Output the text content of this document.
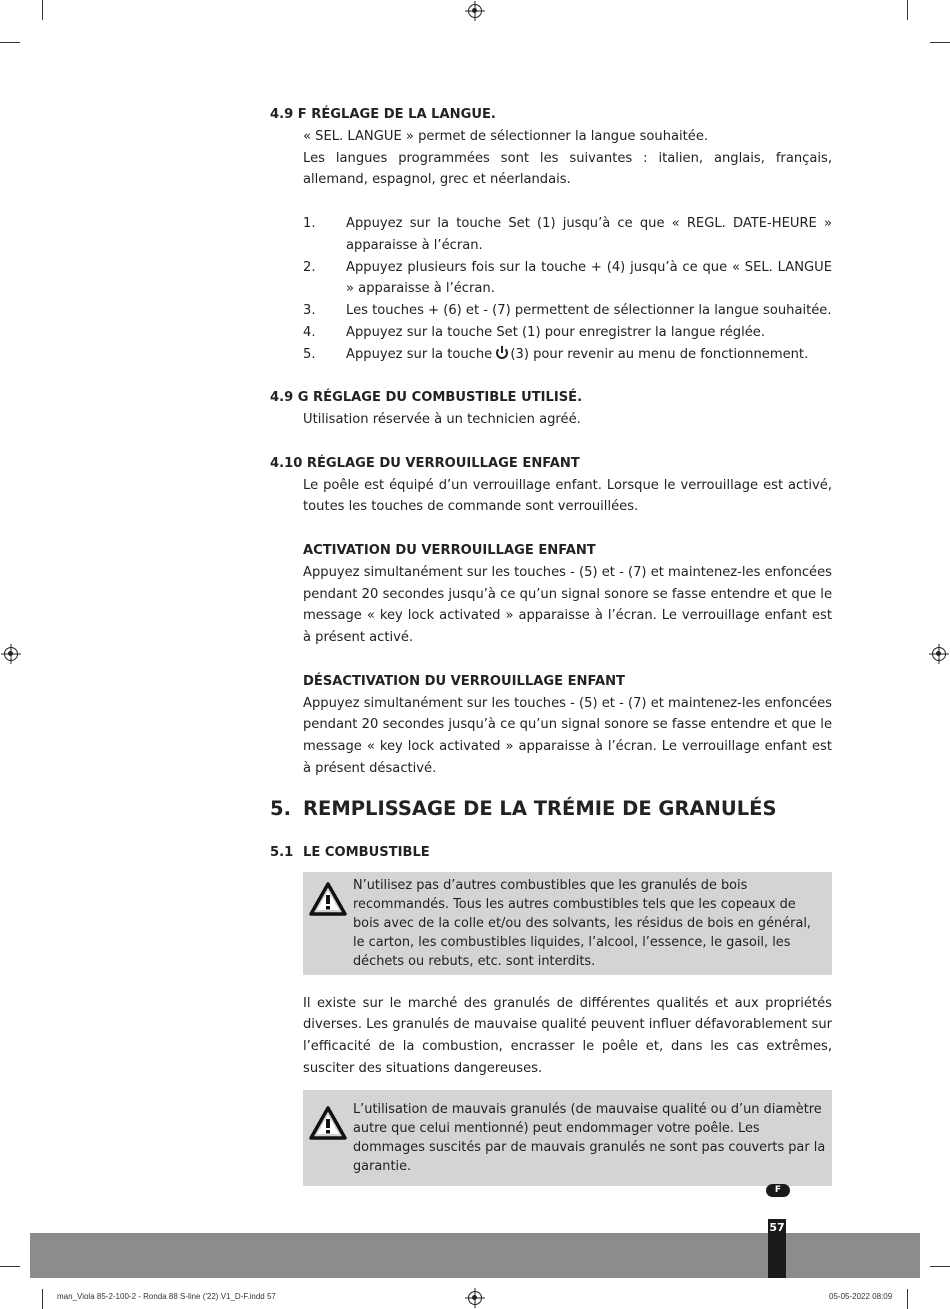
4.9 F RÉGLAGE DE LA LANGUE.

« SEL. LANGUE » permet de sélectionner la langue souhaitée.

Les langues programmées sont les suivantes : italien, anglais, français, allemand, espagnol, grec et néerlandais.

1.	Appuyez sur la touche Set (1) jusqu’à ce que « REGL. DATE-HEURE » apparaisse à l’écran.
2.	Appuyez plusieurs fois sur la touche + (4) jusqu’à ce que « SEL. LANGUE » apparaisse à l’écran.
3.	Les touches + (6) et - (7) permettent de sélectionner la langue souhaitée.
4.	Appuyez sur la touche Set (1) pour enregistrer la langue réglée.
5.	Appuyez sur la touche (3) pour revenir au menu de fonctionnement.

4.9 G RÉGLAGE DU COMBUSTIBLE UTILISÉ.

Utilisation réservée à un technicien agréé.

4.10 RÉGLAGE DU VERROUILLAGE ENFANT

Le poêle est équipé d’un verrouillage enfant. Lorsque le verrouillage est activé, toutes les touches de commande sont verrouillées.

ACTIVATION DU VERROUILLAGE ENFANT

Appuyez simultanément sur les touches - (5) et - (7) et maintenez-les enfoncées pendant 20 secondes jusqu’à ce qu’un signal sonore se fasse entendre et que le message « key lock activated » apparaisse à l’écran. Le verrouillage enfant est à présent activé.

DÉSACTIVATION DU VERROUILLAGE ENFANT

Appuyez simultanément sur les touches - (5) et - (7) et maintenez-les enfoncées pendant 20 secondes jusqu’à ce qu’un signal sonore se fasse entendre et que le message « key lock activated » apparaisse à l’écran. Le verrouillage enfant est à présent désactivé.

5. REMPLISSAGE DE LA TRÉMIE DE GRANULÉS
5.1 LE COMBUSTIBLE
N’utilisez pas d’autres combustibles que les granulés de bois recommandés. Tous les autres combustibles tels que les copeaux de bois avec de la colle et/ou des solvants, les résidus de bois en général, le carton, les combustibles liquides, l’alcool, l’essence, le gasoil, les déchets ou rebuts, etc. sont interdits.

Il existe sur le marché des granulés de différentes qualités et aux propriétés diverses. Les granulés de mauvaise qualité peuvent influer défavorablement sur l’efficacité de la combustion, encrasser le poêle et, dans les cas extrêmes, susciter des situations dangereuses.

L’utilisation de mauvais granulés (de mauvaise qualité ou d’un diamètre autre que celui mentionné) peut endommager votre poêle. Les dommages suscités par de mauvais granulés ne sont pas couverts par la garantie.
F
57
man_Viola 85-2-100-2 - Ronda 88 S-line ('22) V1_D-F.indd 57	05-05-2022 08:09
